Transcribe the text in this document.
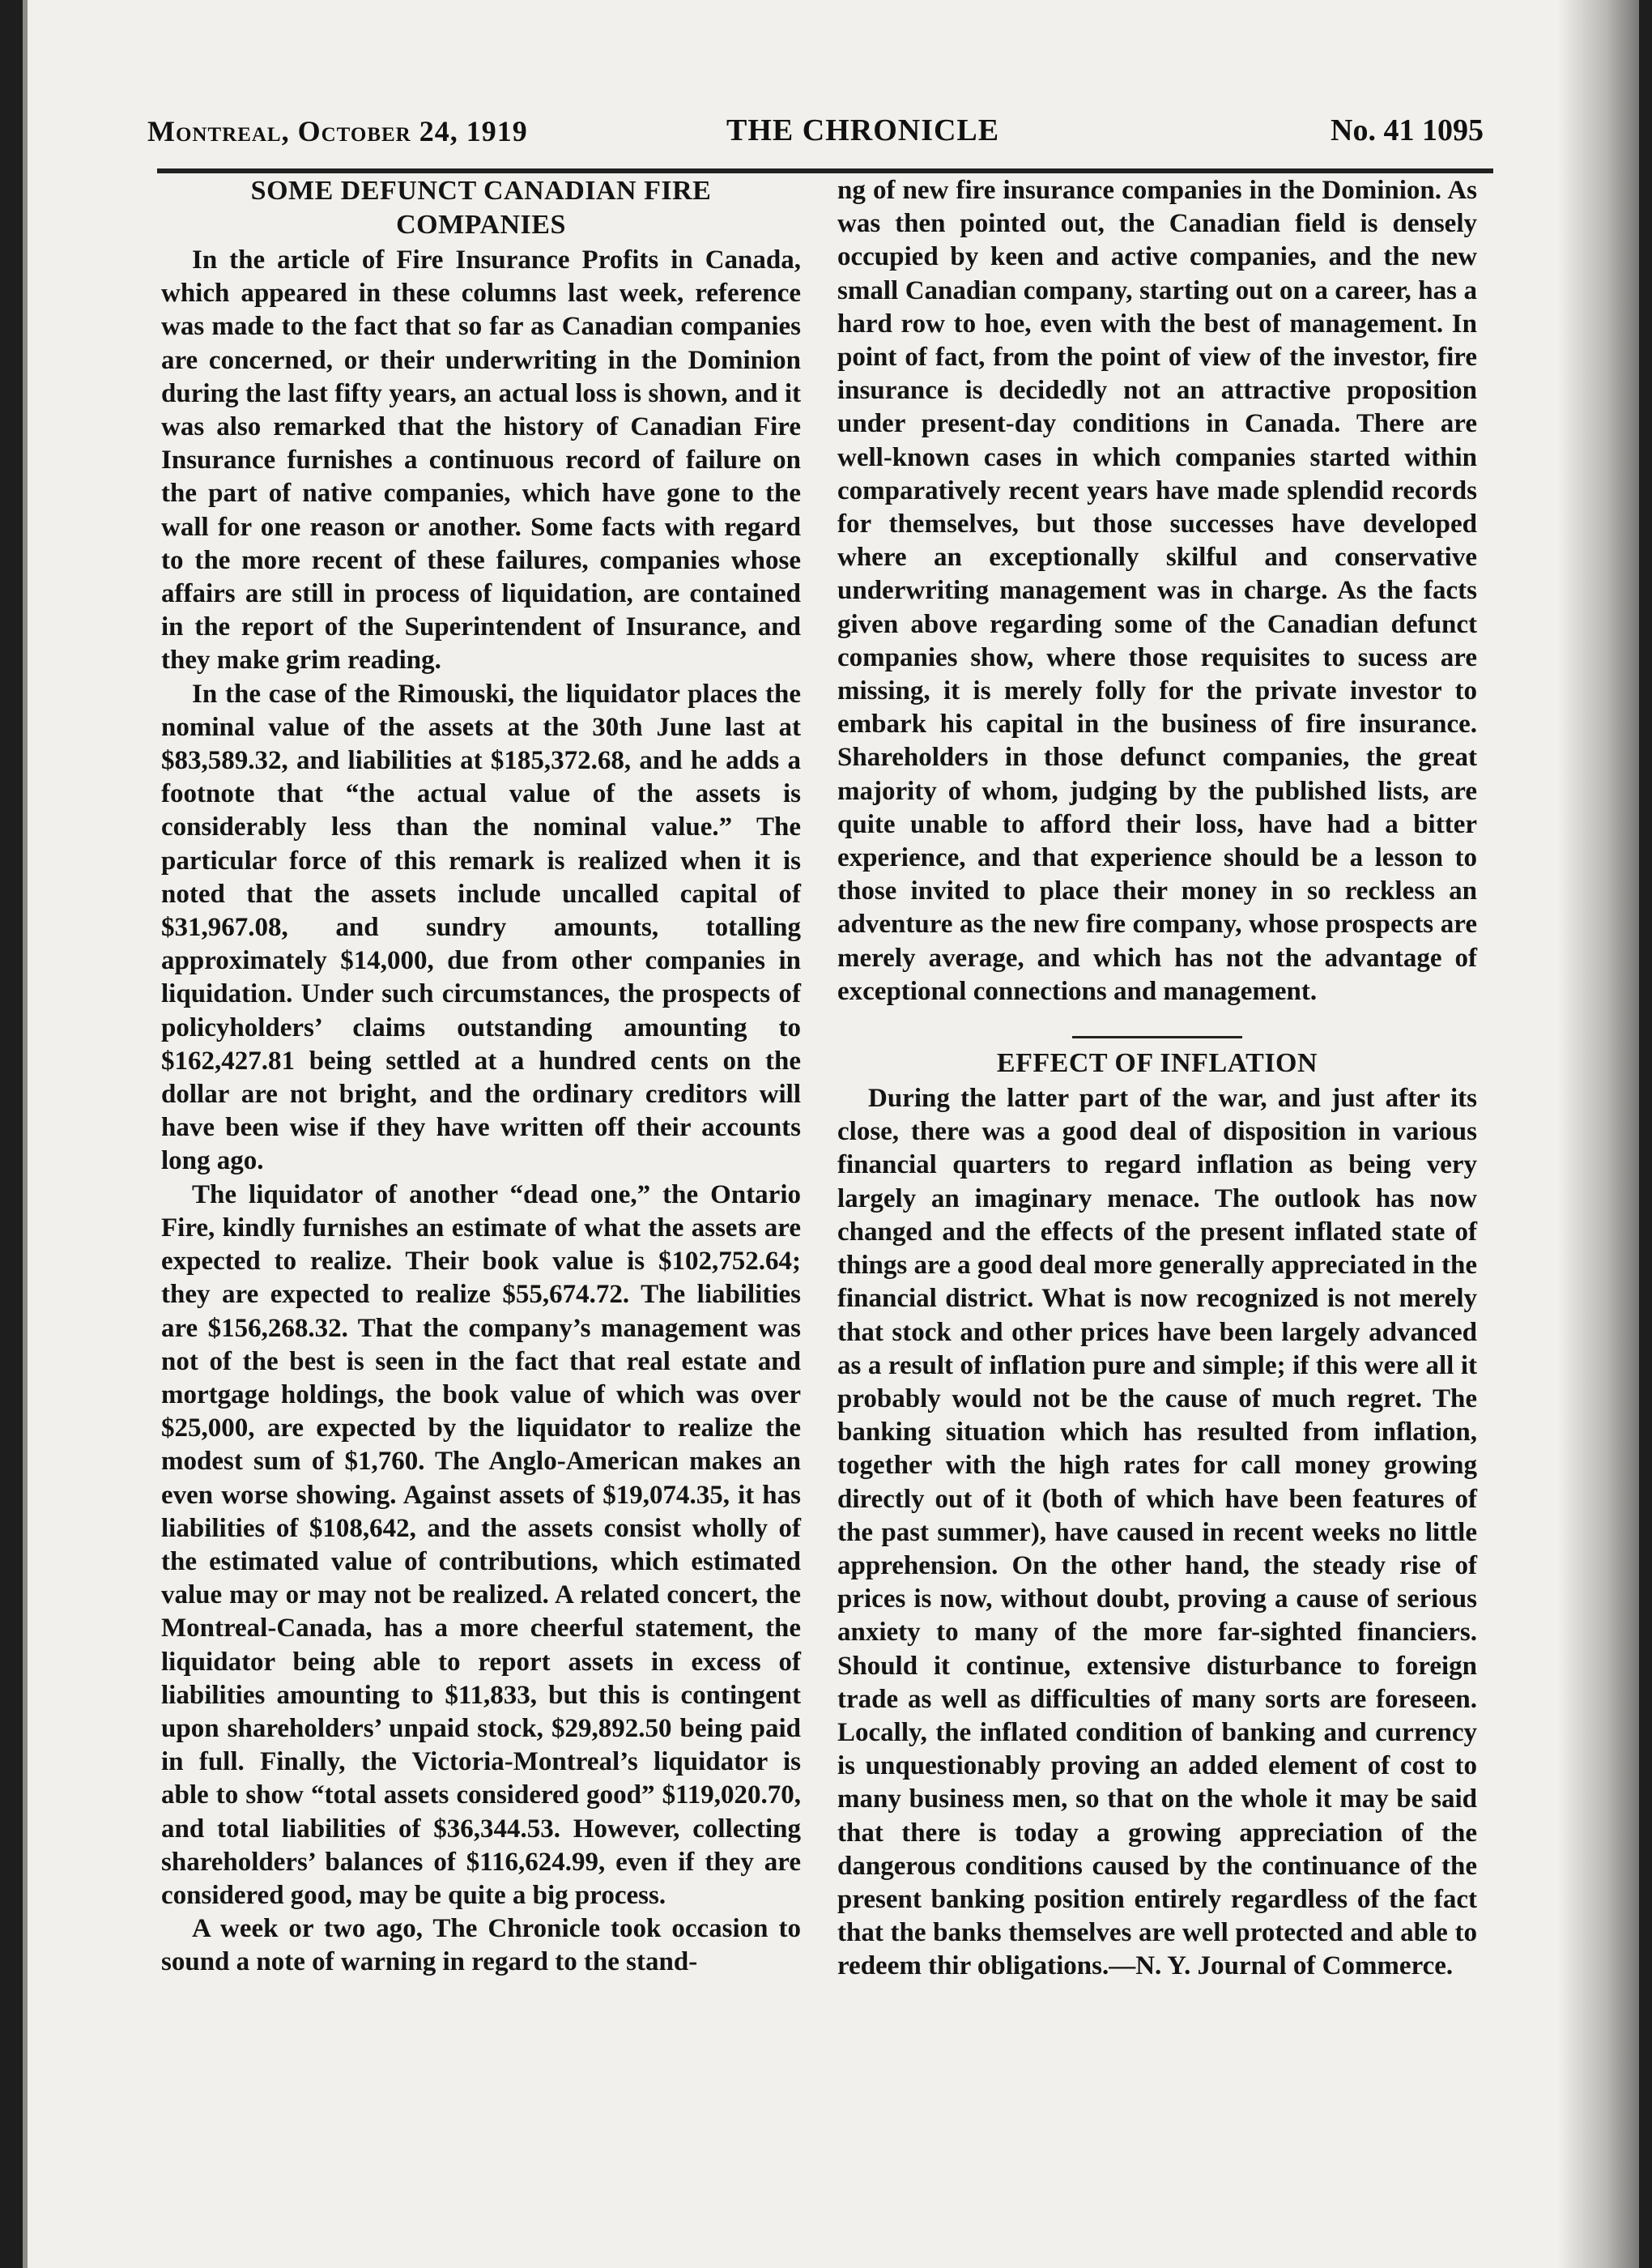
Montreal, October 24, 1919	THE CHRONICLE	No. 41 1095
SOME DEFUNCT CANADIAN FIRE COMPANIES

In the article of Fire Insurance Profits in Canada, which appeared in these columns last week, reference was made to the fact that so far as Canadian companies are concerned, or their underwriting in the Dominion during the last fifty years, an actual loss is shown, and it was also remarked that the history of Canadian Fire Insurance furnishes a continuous record of failure on the part of native companies, which have gone to the wall for one reason or another. Some facts with regard to the more recent of these failures, companies whose affairs are still in process of liquidation, are contained in the report of the Superintendent of Insurance, and they make grim reading.

In the case of the Rimouski, the liquidator places the nominal value of the assets at the 30th June last at $83,589.32, and liabilities at $185,372.68, and he adds a footnote that “the actual value of the assets is considerably less than the nominal value.” The particular force of this remark is realized when it is noted that the assets include uncalled capital of $31,967.08, and sundry amounts, totalling approximately $14,000, due from other companies in liquidation. Under such circumstances, the prospects of policyholders’ claims outstanding amounting to $162,427.81 being settled at a hundred cents on the dollar are not bright, and the ordinary creditors will have been wise if they have written off their accounts long ago.

The liquidator of another “dead one,” the Ontario Fire, kindly furnishes an estimate of what the assets are expected to realize. Their book value is $102,752.64; they are expected to realize $55,674.72. The liabilities are $156,268.32. That the company’s management was not of the best is seen in the fact that real estate and mortgage holdings, the book value of which was over $25,000, are expected by the liquidator to realize the modest sum of $1,760. The Anglo-American makes an even worse showing. Against assets of $19,074.35, it has liabilities of $108,642, and the assets consist wholly of the estimated value of contributions, which estimated value may or may not be realized. A related concert, the Montreal-Canada, has a more cheerful statement, the liquidator being able to report assets in excess of liabilities amounting to $11,833, but this is contingent upon shareholders’ unpaid stock, $29,892.50 being paid in full. Finally, the Victoria-Montreal’s liquidator is able to show “total assets considered good” $119,020.70, and total liabilities of $36,344.53. However, collecting shareholders’ balances of $116,624.99, even if they are considered good, may be quite a big process.

A week or two ago, The Chronicle took occasion to sound a note of warning in regard to the stand-

ng of new fire insurance companies in the Dominion. As was then pointed out, the Canadian field is densely occupied by keen and active companies, and the new small Canadian company, starting out on a career, has a hard row to hoe, even with the best of management. In point of fact, from the point of view of the investor, fire insurance is decidedly not an attractive proposition under present-day conditions in Canada. There are well-known cases in which companies started within comparatively recent years have made splendid records for themselves, but those successes have developed where an exceptionally skilful and conservative underwriting management was in charge. As the facts given above regarding some of the Canadian defunct companies show, where those requisites to sucess are missing, it is merely folly for the private investor to embark his capital in the business of fire insurance. Shareholders in those defunct companies, the great majority of whom, judging by the published lists, are quite unable to afford their loss, have had a bitter experience, and that experience should be a lesson to those invited to place their money in so reckless an adventure as the new fire company, whose prospects are merely average, and which has not the advantage of exceptional connections and management.

EFFECT OF INFLATION

During the latter part of the war, and just after its close, there was a good deal of disposition in various financial quarters to regard inflation as being very largely an imaginary menace. The outlook has now changed and the effects of the present inflated state of things are a good deal more generally appreciated in the financial district. What is now recognized is not merely that stock and other prices have been largely advanced as a result of inflation pure and simple; if this were all it probably would not be the cause of much regret. The banking situation which has resulted from inflation, together with the high rates for call money growing directly out of it (both of which have been features of the past summer), have caused in recent weeks no little apprehension. On the other hand, the steady rise of prices is now, without doubt, proving a cause of serious anxiety to many of the more far-sighted financiers. Should it continue, extensive disturbance to foreign trade as well as difficulties of many sorts are foreseen. Locally, the inflated condition of banking and currency is unquestionably proving an added element of cost to many business men, so that on the whole it may be said that there is today a growing appreciation of the dangerous conditions caused by the continuance of the present banking position entirely regardless of the fact that the banks themselves are well protected and able to redeem thir obligations.—N. Y. Journal of Commerce.
